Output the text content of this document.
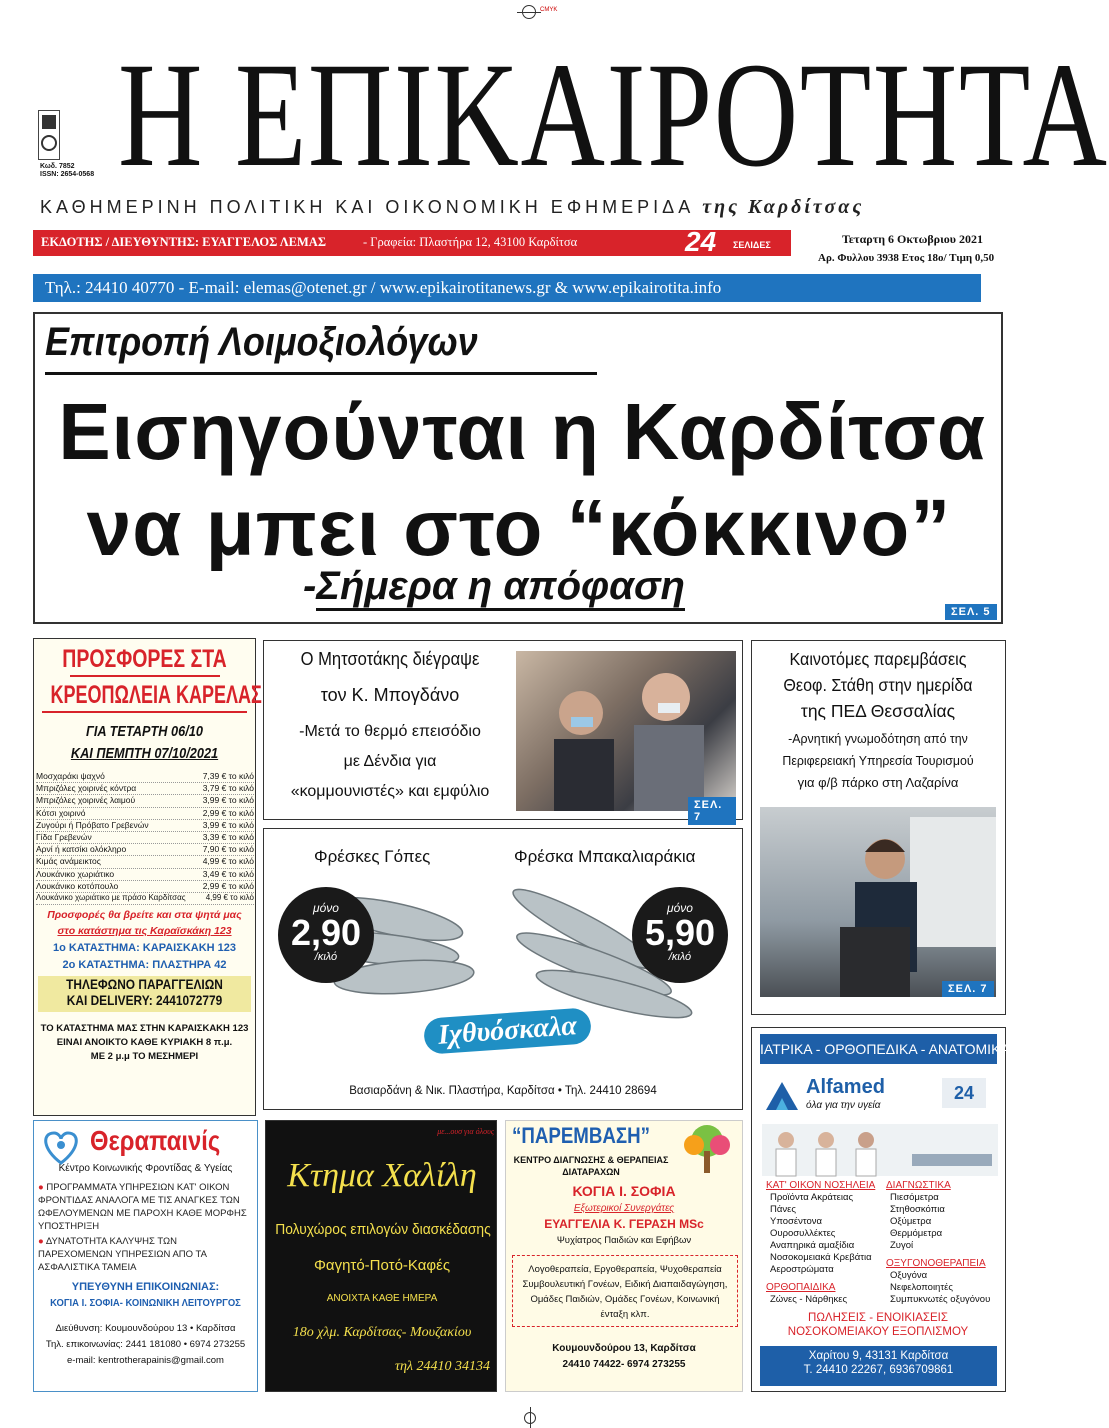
CMYK
Κωδ. 7852
ISSN: 2654-0568 Η ΕΠΙΚΑΙΡΟΤΗΤΑ
ΚΑΘΗΜΕΡΙΝΗ ΠΟΛΙΤΙΚΗ ΚΑΙ ΟΙΚΟΝΟΜΙΚΗ ΕΦΗΜΕΡΙΔΑ της Καρδίτσας
ΕΚΔΟΤΗΣ / ΔΙΕΥΘΥΝΤΗΣ: ΕΥΑΓΓΕΛΟΣ ΛΕΜΑΣ	- Γραφεία: Πλαστήρα 12, 43100 Καρδίτσα	24 ΣΕΛΙΔΕΣ	Τεταρτη 6 Οκτωβριου 2021
Αρ. Φυλλου 3938 Ετος 18ο/ Τιμη 0,50
Τηλ.: 24410 40770 - E-mail: elemas@otenet.gr / www.epikairotitanews.gr & www.epikairotita.info
Επιτροπή Λοιμοξιολόγων
Εισηγούνται η Καρδίτσα
να μπει στο “κόκκινο”
-Σήμερα η απόφαση
ΣΕΛ. 5
ΠΡΟΣΦΟΡΕΣ ΣΤΑ
ΚΡΕΟΠΩΛΕΙΑ ΚΑΡΕΛΑΣ
ΓΙΑ ΤΕΤΑΡΤΗ 06/10
ΚΑΙ ΠΕΜΠΤΗ 07/10/2021
Μοσχαράκι ψαχνό	7,39 € το κιλό
Μπριζόλες χοιρινές κόντρα	3,79 € το κιλό
Μπριζόλες χοιρινές λαιμού	3,99 € το κιλό
Κότσι χοιρινό	2,99 € το κιλό
Ζυγούρι ή Πρόβατο Γρεβενών	3,99 € το κιλό
Γίδα Γρεβενών	3,39 € το κιλό
Αρνί ή κατσίκι ολόκληρο	7,90 € το κιλό
Κιμάς ανάμεικτος	4,99 € το κιλό
Λουκάνικο χωριάτικο	3,49 € το κιλό
Λουκάνικο κοτόπουλο	2,99 € το κιλό
Λουκάνικο χωριάτικο με πράσο Καρδίτσας	4,99 € το κιλό
Προσφορές θα βρείτε και στα ψητά μας
στο κατάστημα τις Καραϊσκάκη 123
1ο ΚΑΤΑΣΤΗΜΑ: ΚΑΡΑΙΣΚΑΚΗ 123
2ο ΚΑΤΑΣΤΗΜΑ: ΠΛΑΣΤΗΡΑ 42
ΤΗΛΕΦΩΝΟ ΠΑΡΑΓΓΕΛΙΩΝ
ΚΑΙ DELIVERY: 2441072779
ΤΟ ΚΑΤΑΣΤΗΜΑ ΜΑΣ ΣΤΗΝ ΚΑΡΑΙΣΚΑΚΗ 123
ΕΙΝΑΙ ΑΝΟΙΚΤΟ ΚΑΘΕ ΚΥΡΙΑΚΗ 8 π.μ.
ΜΕ 2 μ.μ ΤΟ ΜΕΣΗΜΕΡΙ
Ο Μητσοτάκης διέγραψε
τον Κ. Μπογδάνο
-Μετά το θερμό επεισόδιο
με Δένδια για
«κομμουνιστές» και εμφύλιο
ΣΕΛ. 7
Καινοτόμες παρεμβάσεις
Θεοφ. Στάθη στην ημερίδα
της ΠΕΔ Θεσσαλίας
-Αρνητική γνωμοδότηση από την
Περιφερειακή Υπηρεσία Τουρισμού
για φ/β πάρκο στη Λαζαρίνα
ΣΕΛ. 7
Φρέσκες Γόπες	Φρέσκα Μπακαλιαράκια
μόνο
2,90
/κιλό
μόνο
5,90
/κιλό
Ιχθυόσκαλα
Βασιαρδάνη & Νικ. Πλαστήρα, Καρδίτσα • Τηλ. 24410 28694
ΙΑΤΡΙΚΑ - ΟΡΘΟΠΕΔΙΚΑ - ΑΝΑΤΟΜΙΚΑ
Alfamed
όλα για την υγεία
24
ΚΑΤ' ΟΙΚΟΝ ΝΟΣΗΛΕΙΑ
Προϊόντα Ακράτειας
Πάνες
Υποσέντονα
Ουροσυλλέκτες
Αναπηρικά αμαξίδια
Νοσοκομειακά Κρεβάτια
Αεροστρώματα
ΟΡΘΟΠΑΙΔΙΚΑ
Ζώνες - Νάρθηκες
ΔΙΑΓΝΩΣΤΙΚΑ
Πιεσόμετρα
Στηθοσκόπια
Οξύμετρα
Θερμόμετρα
Ζυγοί
ΟΞΥΓΟΝΟΘΕΡΑΠΕΙΑ
Οξυγόνα
Νεφελοποιητές
Συμπυκνωτές οξυγόνου
ΠΩΛΗΣΕΙΣ - ΕΝΟΙΚΙΑΣΕΙΣ
ΝΟΣΟΚΟΜΕΙΑΚΟΥ ΕΞΟΠΛΙΣΜΟΥ
Χαρίτου 9, 43131 Καρδίτσα
Τ. 24410 22267, 6936709861
Θεραπαινίς
Κέντρο Κοινωνικής Φροντίδας & Υγείας
● ΠΡΟΓΡΑΜΜΑΤΑ ΥΠΗΡΕΣΙΩΝ ΚΑΤ' ΟΙΚΟΝ ΦΡΟΝΤΙΔΑΣ ΑΝΑΛΟΓΑ ΜΕ ΤΙΣ ΑΝΑΓΚΕΣ ΤΩΝ ΩΦΕΛΟΥΜΕΝΩΝ ΜΕ ΠΑΡΟΧΗ ΚΑΘΕ ΜΟΡΦΗΣ ΥΠΟΣΤΗΡΙΞΗ
● ΔΥΝΑΤΟΤΗΤΑ ΚΑΛΥΨΗΣ ΤΩΝ ΠΑΡΕΧΟΜΕΝΩΝ ΥΠΗΡΕΣΙΩΝ ΑΠΟ ΤΑ ΑΣΦΑΛΙΣΤΙΚΑ ΤΑΜΕΙΑ
ΥΠΕΥΘΥΝΗ ΕΠΙΚΟΙΝΩΝΙΑΣ:
ΚΟΓΙΑ Ι. ΣΟΦΙΑ- ΚΟΙΝΩΝΙΚΗ ΛΕΙΤΟΥΡΓΟΣ
Διεύθυνση: Κουμουνδούρου 13 • Καρδίτσα
Τηλ. επικοινωνίας: 2441 181080 • 6974 273255
e-mail: kentrotherapainis@gmail.com
με...ουσ για όλους
Κτημα Χαλίλη
Πολυχώρος επιλογών διασκέδασης
Φαγητό-Ποτό-Καφές
ΑΝΟΙΧΤΑ ΚΑΘΕ ΗΜΕΡΑ
18ο χλμ. Καρδίτσας- Μουζακίου
τηλ 24410 34134
“ΠΑΡΕΜΒΑΣΗ”
ΚΕΝΤΡΟ ΔΙΑΓΝΩΣΗΣ & ΘΕΡΑΠΕΙΑΣ
ΔΙΑΤΑΡΑΧΩΝ
ΚΟΓΙΑ Ι. ΣΟΦΙΑ
Εξωτερικοί Συνεργάτες
ΕΥΑΓΓΕΛΙΑ Κ. ΓΕΡΑΣΗ MSc
Ψυχίατρος Παιδιών και Εφήβων
Λογοθεραπεία, Εργοθεραπεία, Ψυχοθεραπεία Συμβουλευτική Γονέων, Ειδική Διαπαιδαγώγηση, Ομάδες Παιδιών, Ομάδες Γονέων, Κοινωνική ένταξη κλπ.
Κουμουνδούρου 13, Καρδίτσα
24410 74422- 6974 273255
